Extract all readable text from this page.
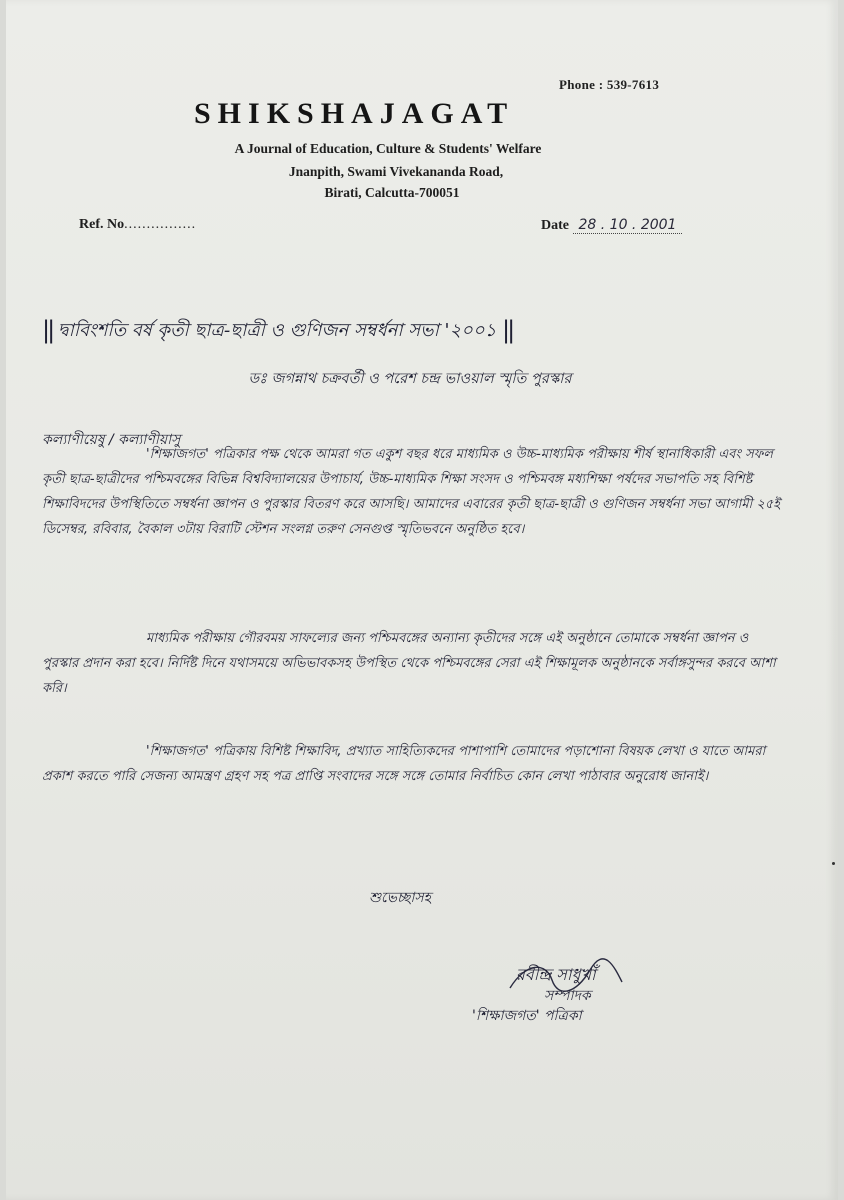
Phone : 539-7613
SHIKSHAJAGAT
A Journal of Education, Culture & Students' Welfare
Jnanpith, Swami Vivekananda Road,
Birati, Calcutta-700051
Ref. No................	Date 28 . 10 . 2001
|| দ্বাবিংশতি বর্ষ কৃতী ছাত্র-ছাত্রী ও গুণিজন সম্বর্ধনা সভা '২০০১ ||
ডঃ জগন্নাথ চক্রবর্তী ও পরেশ চন্দ্র ভাওয়াল স্মৃতি পুরস্কার
কল্যাণীয়েষু / কল্যাণীয়াসু
'শিক্ষাজগত' পত্রিকার পক্ষ থেকে আমরা গত একুশ বছর ধরে মাধ্যমিক ও উচ্চ-মাধ্যমিক পরীক্ষায় শীর্ষ স্থানাধিকারী এবং সফল কৃতী ছাত্র-ছাত্রীদের পশ্চিমবঙ্গের বিভিন্ন বিশ্ববিদ্যালয়ের উপাচার্য, উচ্চ-মাধ্যমিক শিক্ষা সংসদ ও পশ্চিমবঙ্গ মধ্যশিক্ষা পর্ষদের সভাপতি সহ বিশিষ্ট শিক্ষাবিদদের উপস্থিতিতে সম্বর্ধনা জ্ঞাপন ও পুরস্কার বিতরণ করে আসছি। আমাদের এবারের কৃতী ছাত্র-ছাত্রী ও গুণিজন সম্বর্ধনা সভা আগামী ২৫ই ডিসেম্বর, রবিবার, বৈকাল ৩টায় বিরাটি স্টেশন সংলগ্ন তরুণ সেনগুপ্ত স্মৃতিভবনে অনুষ্ঠিত হবে।
মাধ্যমিক পরীক্ষায় গৌরবময় সাফল্যের জন্য পশ্চিমবঙ্গের অন্যান্য কৃতীদের সঙ্গে এই অনুষ্ঠানে তোমাকে সম্বর্ধনা জ্ঞাপন ও পুরস্কার প্রদান করা হবে। নির্দিষ্ট দিনে যথাসময়ে অভিভাবকসহ উপস্থিত থেকে পশ্চিমবঙ্গের সেরা এই শিক্ষামূলক অনুষ্ঠানকে সর্বাঙ্গসুন্দর করবে আশা করি।
'শিক্ষাজগত' পত্রিকায় বিশিষ্ট শিক্ষাবিদ, প্রখ্যাত সাহিত্যিকদের পাশাপাশি তোমাদের পড়াশোনা বিষয়ক লেখা ও যাতে আমরা প্রকাশ করতে পারি সেজন্য আমন্ত্রণ গ্রহণ সহ পত্র প্রাপ্তি সংবাদের সঙ্গে সঙ্গে তোমার নির্বাচিত কোন লেখা পাঠাবার অনুরোধ জানাই।
শুভেচ্ছাসহ
রবীন্দ্র সাধুখাঁ
সম্পাদক
'শিক্ষাজগত' পত্রিকা
